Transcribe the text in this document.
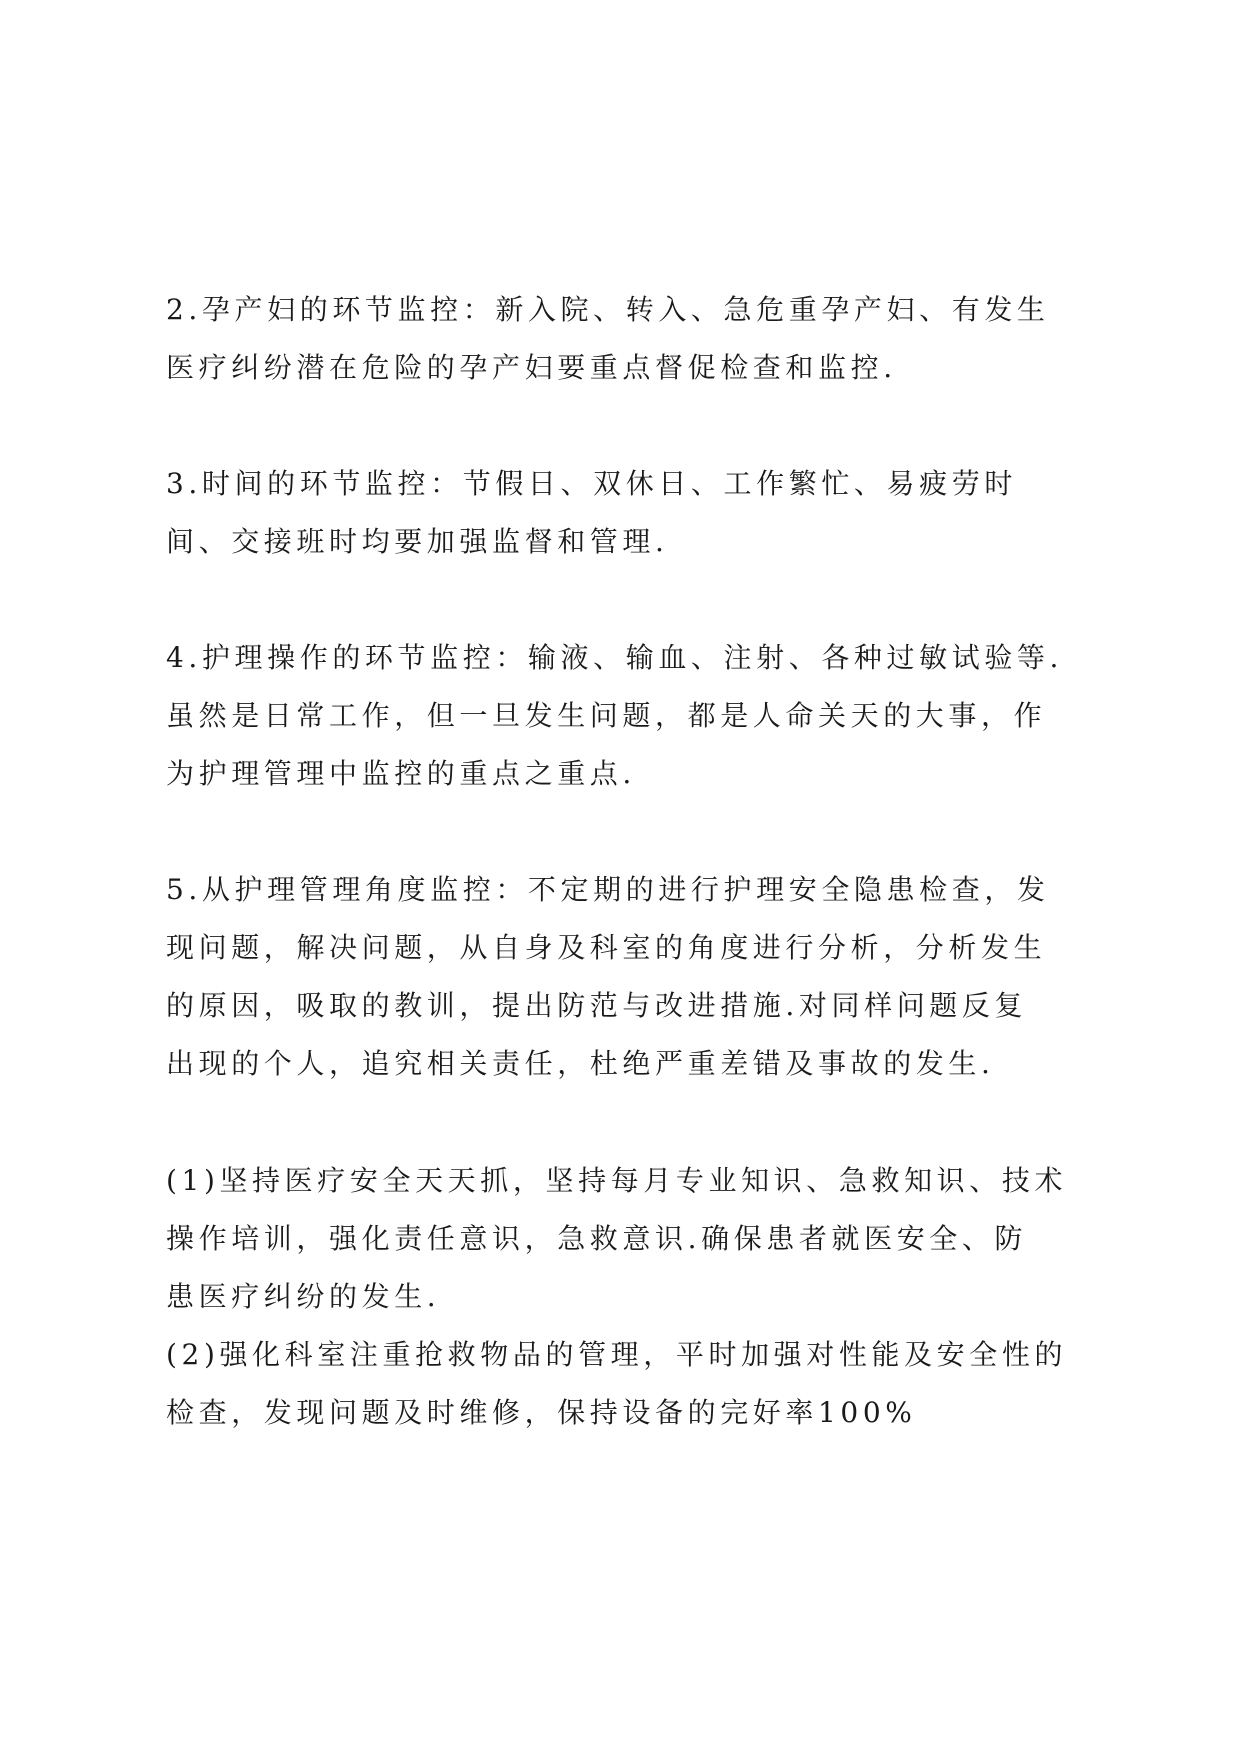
2.孕产妇的环节监控：新入院、转入、急危重孕产妇、有发生
医疗纠纷潜在危险的孕产妇要重点督促检查和监控.
3.时间的环节监控：节假日、双休日、工作繁忙、易疲劳时
间、交接班时均要加强监督和管理.
4.护理操作的环节监控：输液、输血、注射、各种过敏试验等.
虽然是日常工作，但一旦发生问题，都是人命关天的大事，作
为护理管理中监控的重点之重点.
5.从护理管理角度监控：不定期的进行护理安全隐患检查，发
现问题，解决问题，从自身及科室的角度进行分析，分析发生
的原因，吸取的教训，提出防范与改进措施.对同样问题反复
出现的个人，追究相关责任，杜绝严重差错及事故的发生.
(1)坚持医疗安全天天抓，坚持每月专业知识、急救知识、技术
操作培训，强化责任意识，急救意识.确保患者就医安全、防
患医疗纠纷的发生.
(2)强化科室注重抢救物品的管理，平时加强对性能及安全性的
检查，发现问题及时维修，保持设备的完好率100%
